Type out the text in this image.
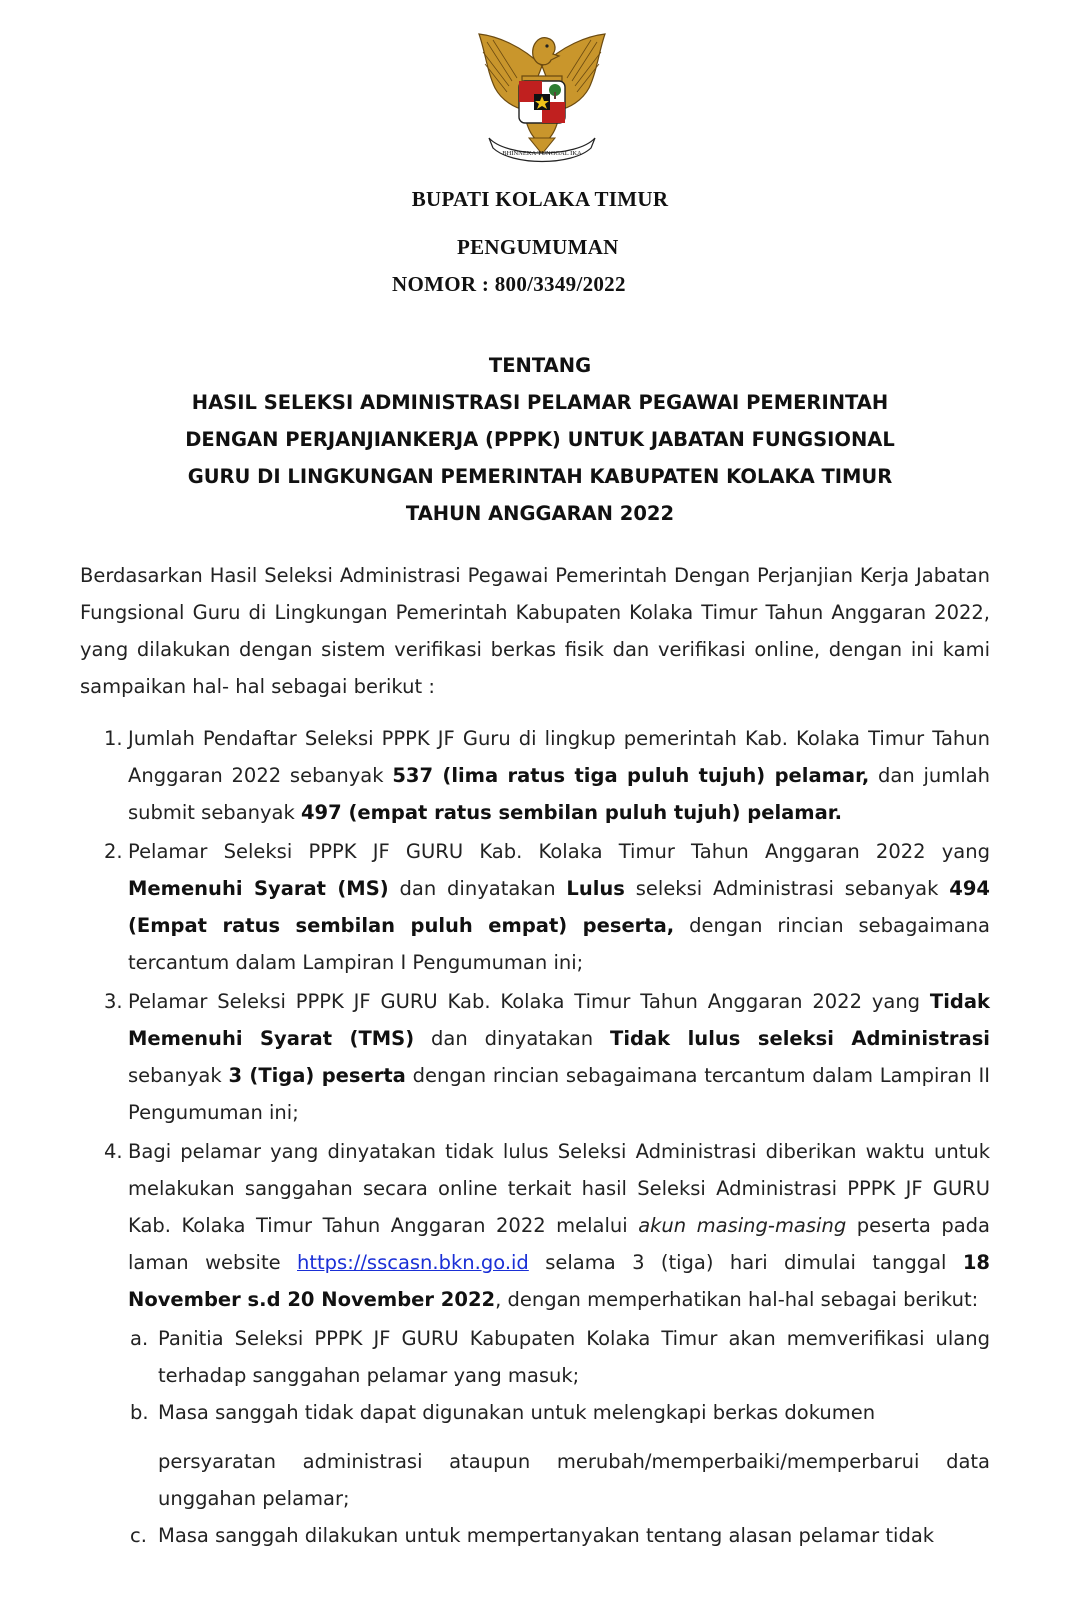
BHINNEKA TUNGGAL IKA
BUPATI KOLAKA TIMUR
PENGUMUMAN
NOMOR : 800/3349/2022
TENTANG
HASIL SELEKSI ADMINISTRASI PELAMAR PEGAWAI PEMERINTAH
DENGAN PERJANJIANKERJA (PPPK) UNTUK JABATAN FUNGSIONAL
GURU DI LINGKUNGAN PEMERINTAH KABUPATEN KOLAKA TIMUR
TAHUN ANGGARAN 2022
Berdasarkan Hasil Seleksi Administrasi Pegawai Pemerintah Dengan Perjanjian Kerja Jabatan Fungsional Guru di Lingkungan Pemerintah Kabupaten Kolaka Timur Tahun Anggaran 2022, yang dilakukan dengan sistem verifikasi berkas fisik dan verifikasi online, dengan ini kami sampaikan hal- hal sebagai berikut :
1. Jumlah Pendaftar Seleksi PPPK JF Guru di lingkup pemerintah Kab. Kolaka Timur Tahun Anggaran 2022 sebanyak 537 (lima ratus tiga puluh tujuh) pelamar, dan jumlah submit sebanyak 497 (empat ratus sembilan puluh tujuh) pelamar.
2. Pelamar Seleksi PPPK JF GURU Kab. Kolaka Timur Tahun Anggaran 2022 yang Memenuhi Syarat (MS) dan dinyatakan Lulus seleksi Administrasi sebanyak 494 (Empat ratus sembilan puluh empat) peserta, dengan rincian sebagaimana tercantum dalam Lampiran I Pengumuman ini;
3. Pelamar Seleksi PPPK JF GURU Kab. Kolaka Timur Tahun Anggaran 2022 yang Tidak Memenuhi Syarat (TMS) dan dinyatakan Tidak lulus seleksi Administrasi sebanyak 3 (Tiga) peserta dengan rincian sebagaimana tercantum dalam Lampiran II Pengumuman ini;
4. Bagi pelamar yang dinyatakan tidak lulus Seleksi Administrasi diberikan waktu untuk melakukan sanggahan secara online terkait hasil Seleksi Administrasi PPPK JF GURU Kab. Kolaka Timur Tahun Anggaran 2022 melalui akun masing-masing peserta pada laman website https://sscasn.bkn.go.id selama 3 (tiga) hari dimulai tanggal 18 November s.d 20 November 2022, dengan memperhatikan hal-hal sebagai berikut:
a. Panitia Seleksi PPPK JF GURU Kabupaten Kolaka Timur akan memverifikasi ulang terhadap sanggahan pelamar yang masuk;
b. Masa sanggah tidak dapat digunakan untuk melengkapi berkas dokumen
persyaratan administrasi ataupun merubah/memperbaiki/memperbarui data unggahan pelamar;
c. Masa sanggah dilakukan untuk mempertanyakan tentang alasan pelamar tidak
